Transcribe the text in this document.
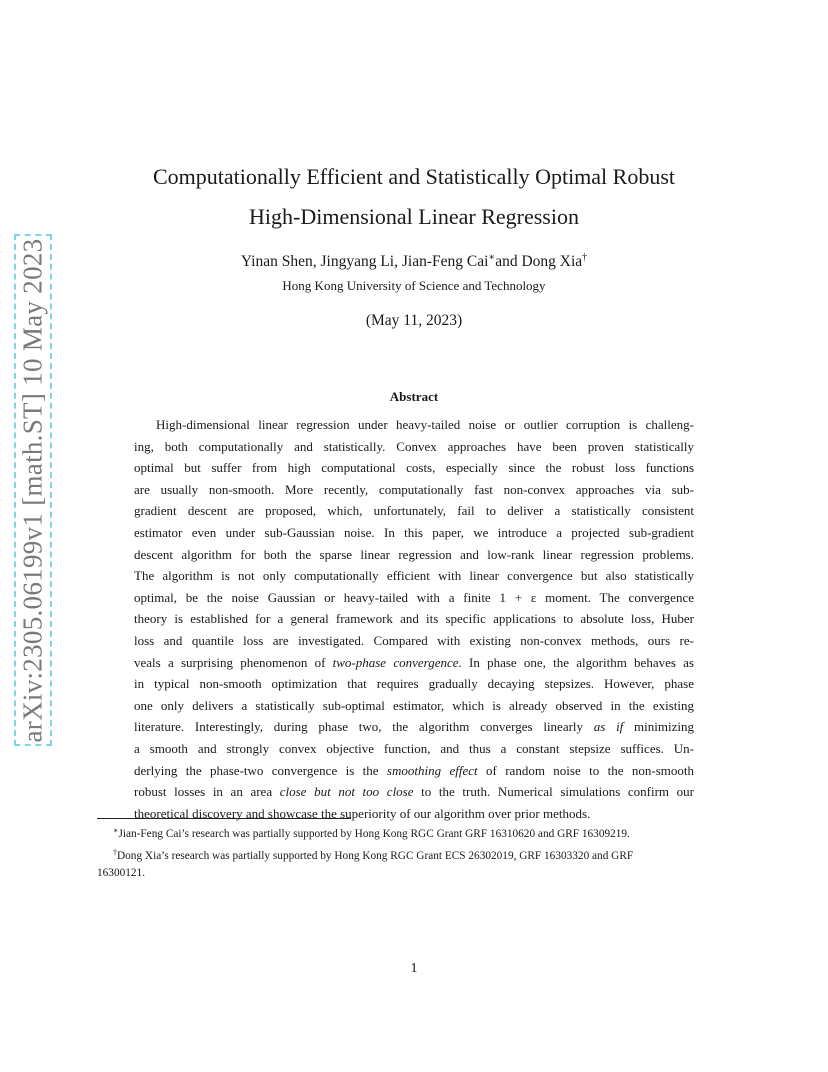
arXiv:2305.06199v1 [math.ST] 10 May 2023
Computationally Efficient and Statistically Optimal Robust
High-Dimensional Linear Regression
Yinan Shen, Jingyang Li, Jian-Feng Cai∗and Dong Xia†
Hong Kong University of Science and Technology
(May 11, 2023)
Abstract
High-dimensional linear regression under heavy-tailed noise or outlier corruption is challeng-
ing, both computationally and statistically. Convex approaches have been proven statistically
optimal but suffer from high computational costs, especially since the robust loss functions
are usually non-smooth. More recently, computationally fast non-convex approaches via sub-
gradient descent are proposed, which, unfortunately, fail to deliver a statistically consistent
estimator even under sub-Gaussian noise. In this paper, we introduce a projected sub-gradient
descent algorithm for both the sparse linear regression and low-rank linear regression problems.
The algorithm is not only computationally efficient with linear convergence but also statistically
optimal, be the noise Gaussian or heavy-tailed with a finite 1 + ε moment. The convergence
theory is established for a general framework and its specific applications to absolute loss, Huber
loss and quantile loss are investigated. Compared with existing non-convex methods, ours re-
veals a surprising phenomenon of two-phase convergence. In phase one, the algorithm behaves as
in typical non-smooth optimization that requires gradually decaying stepsizes. However, phase
one only delivers a statistically sub-optimal estimator, which is already observed in the existing
literature. Interestingly, during phase two, the algorithm converges linearly as if minimizing
a smooth and strongly convex objective function, and thus a constant stepsize suffices. Un-
derlying the phase-two convergence is the smoothing effect of random noise to the non-smooth
robust losses in an area close but not too close to the truth. Numerical simulations confirm our
theoretical discovery and showcase the superiority of our algorithm over prior methods.
∗Jian-Feng Cai’s research was partially supported by Hong Kong RGC Grant GRF 16310620 and GRF 16309219.
†Dong Xia’s research was partially supported by Hong Kong RGC Grant ECS 26302019, GRF 16303320 and GRF
16300121.
1
